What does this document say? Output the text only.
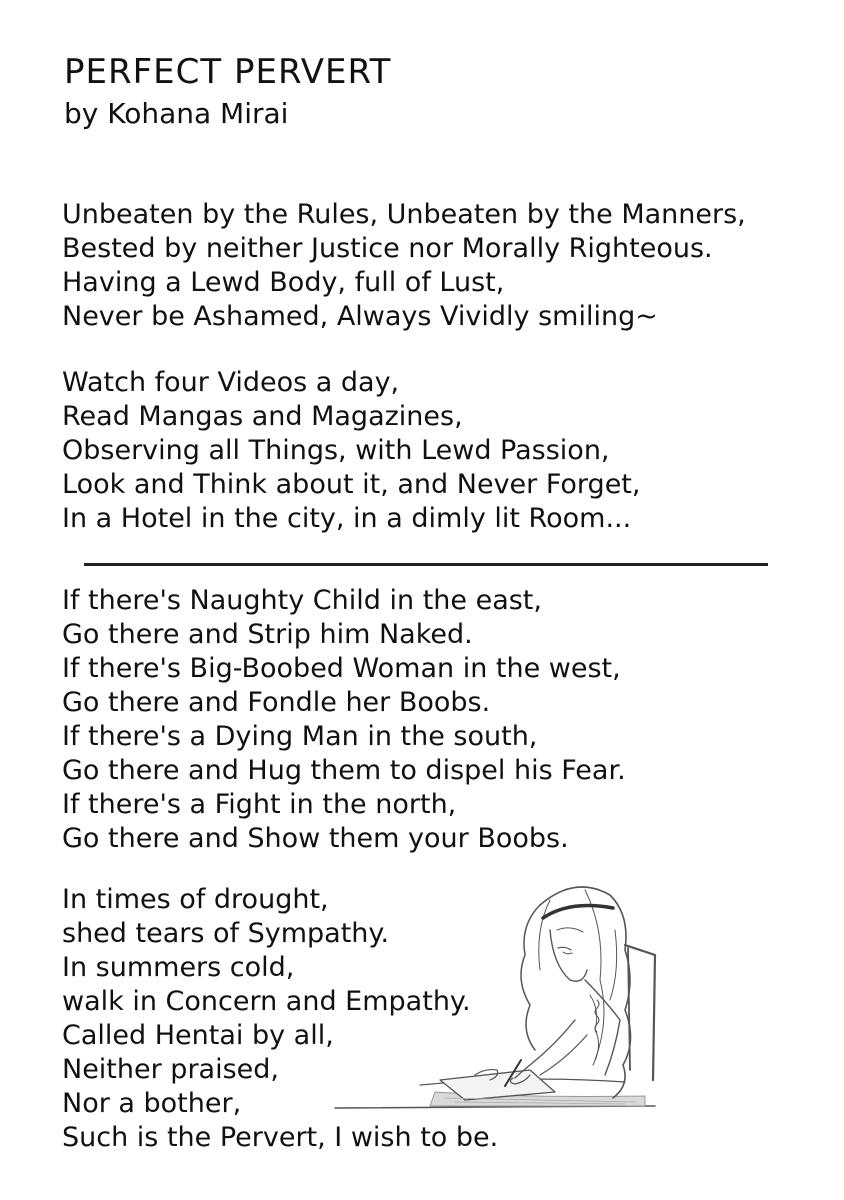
PERFECT PERVERT
by Kohana Mirai
Unbeaten by the Rules, Unbeaten by the Manners,
Bested by neither Justice nor Morally Righteous.
Having a Lewd Body, full of Lust,
Never be Ashamed, Always Vividly smiling~
Watch four Videos a day,
Read Mangas and Magazines,
Observing all Things, with Lewd Passion,
Look and Think about it, and Never Forget,
In a Hotel in the city, in a dimly lit Room...
If there's Naughty Child in the east,
Go there and Strip him Naked.
If there's Big-Boobed Woman in the west,
Go there and Fondle her Boobs.
If there's a Dying Man in the south,
Go there and Hug them to dispel his Fear.
If there's a Fight in the north,
Go there and Show them your Boobs.
In times of drought,
shed tears of Sympathy.
In summers cold,
walk in Concern and Empathy.
Called Hentai by all,
Neither praised,
Nor a bother,
Such is the Pervert, I wish to be.
